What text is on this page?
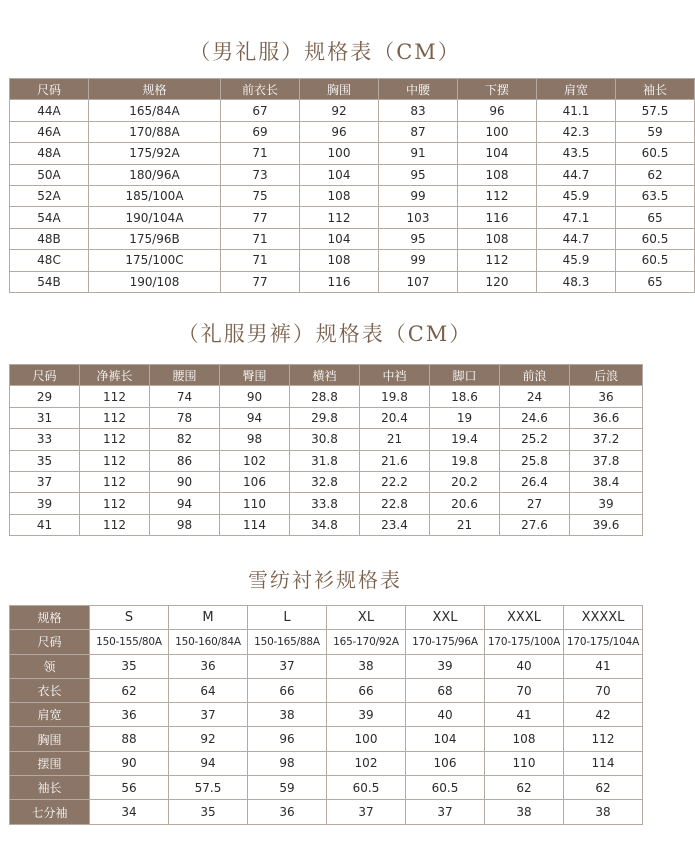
（男礼服）规格表（CM）
尺码	规格	前衣长	胸围	中腰	下摆	肩宽	袖长
44A	165/84A	67	92	83	96	41.1	57.5
46A	170/88A	69	96	87	100	42.3	59
48A	175/92A	71	100	91	104	43.5	60.5
50A	180/96A	73	104	95	108	44.7	62
52A	185/100A	75	108	99	112	45.9	63.5
54A	190/104A	77	112	103	116	47.1	65
48B	175/96B	71	104	95	108	44.7	60.5
48C	175/100C	71	108	99	112	45.9	60.5
54B	190/108	77	116	107	120	48.3	65
（礼服男裤）规格表（CM）
尺码	净裤长	腰围	臀围	横裆	中裆	脚口	前浪	后浪
29	112	74	90	28.8	19.8	18.6	24	36
31	112	78	94	29.8	20.4	19	24.6	36.6
33	112	82	98	30.8	21	19.4	25.2	37.2
35	112	86	102	31.8	21.6	19.8	25.8	37.8
37	112	90	106	32.8	22.2	20.2	26.4	38.4
39	112	94	110	33.8	22.8	20.6	27	39
41	112	98	114	34.8	23.4	21	27.6	39.6
雪纺衬衫规格表
规格	S	M	L	XL	XXL	XXXL	XXXXL
尺码	150-155/80A	150-160/84A	150-165/88A	165-170/92A	170-175/96A	170-175/100A	170-175/104A
领	35	36	37	38	39	40	41
衣长	62	64	66	66	68	70	70
肩宽	36	37	38	39	40	41	42
胸围	88	92	96	100	104	108	112
摆围	90	94	98	102	106	110	114
袖长	56	57.5	59	60.5	60.5	62	62
七分袖	34	35	36	37	37	38	38
